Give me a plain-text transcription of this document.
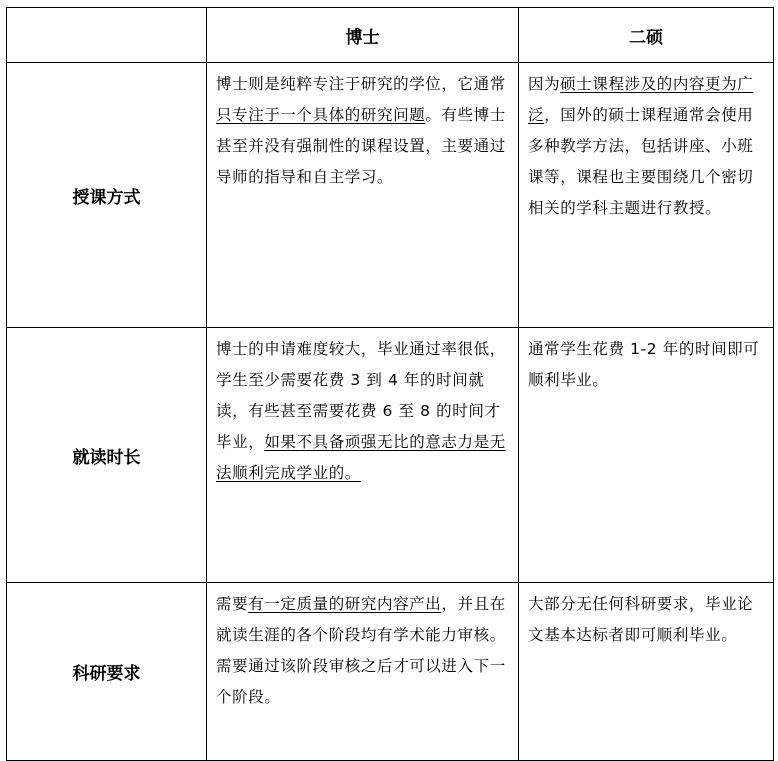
	博士	二硕
授课方式	博士则是纯粹专注于研究的学位，它通常只专注于一个具体的研究问题。有些博士甚至并没有强制性的课程设置，主要通过导师的指导和自主学习。	因为硕士课程涉及的内容更为广泛，国外的硕士课程通常会使用多种教学方法，包括讲座、小班课等，课程也主要围绕几个密切相关的学科主题进行教授。
就读时长	博士的申请难度较大，毕业通过率很低，学生至少需要花费 3 到 4 年的时间就读，有些甚至需要花费 6 至 8 的时间才毕业，如果不具备顽强无比的意志力是无法顺利完成学业的。	通常学生花费 1-2 年的时间即可顺利毕业。
科研要求	需要有一定质量的研究内容产出，并且在就读生涯的各个阶段均有学术能力审核。需要通过该阶段审核之后才可以进入下一个阶段。	大部分无任何科研要求，毕业论文基本达标者即可顺利毕业。
